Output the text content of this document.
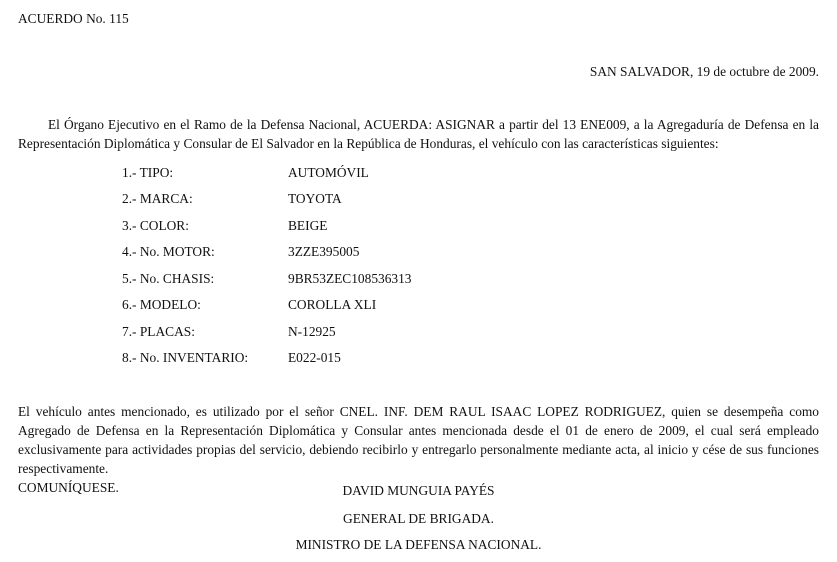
ACUERDO No. 115
SAN SALVADOR, 19 de octubre de 2009.
El Órgano Ejecutivo en el Ramo de la Defensa Nacional, ACUERDA: ASIGNAR a partir del 13 ENE009, a la Agregaduría de Defensa en la Representación Diplomática y Consular de El Salvador en la República de Honduras, el vehículo con las características siguientes:
1.- TIPO:	AUTOMÓVIL
2.- MARCA:	TOYOTA
3.- COLOR:	BEIGE
4.- No. MOTOR:	3ZZE395005
5.- No. CHASIS:	9BR53ZEC108536313
6.- MODELO:	COROLLA XLI
7.- PLACAS:	N-12925
8.- No. INVENTARIO:	E022-015
El vehículo antes mencionado, es utilizado por el señor CNEL. INF. DEM RAUL ISAAC LOPEZ RODRIGUEZ, quien se desempeña como Agregado de Defensa en la Representación Diplomática y Consular antes mencionada desde el 01 de enero de 2009, el cual será empleado exclusivamente para actividades propias del servicio, debiendo recibirlo y entregarlo personalmente mediante acta, al inicio y cése de sus funciones respectivamente.
COMUNÍQUESE.	DAVID MUNGUIA PAYÉS
GENERAL DE BRIGADA.
MINISTRO DE LA DEFENSA NACIONAL.
